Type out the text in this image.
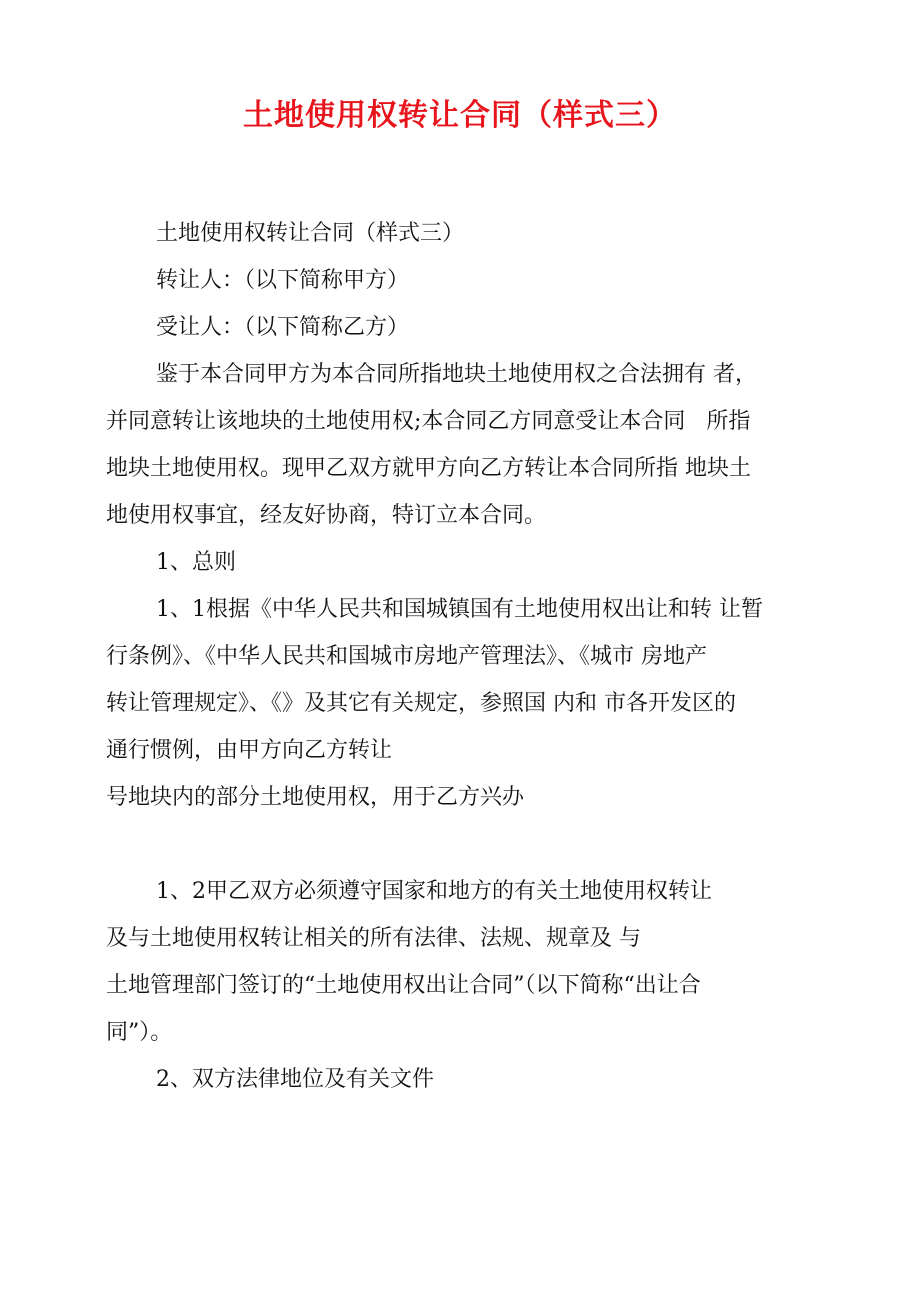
土地使用权转让合同（样式三）

土地使用权转让合同（样式三）

转让人：（以下简称甲方）

受让人：（以下简称乙方）

鉴于本合同甲方为本合同所指地块土地使用权之合法拥有 者，

并同意转让该地块的土地使用权;本合同乙方同意受让本合同   所指

地块土地使用权。现甲乙双方就甲方向乙方转让本合同所指 地块土

地使用权事宜，经友好协商，特订立本合同。

1、总则

1、1根据《中华人民共和国城镇国有土地使用权出让和转 让暂

行条例》、《中华人民共和国城市房地产管理法》、《城市 房地产

转让管理规定》、《》及其它有关规定，参照国 内和 市各开发区的

通行惯例，由甲方向乙方转让

号地块内的部分土地使用权，用于乙方兴办

1、2甲乙双方必须遵守国家和地方的有关土地使用权转让

及与土地使用权转让相关的所有法律、法规、规章及 与

土地管理部门签订的“土地使用权出让合同”（以下简称“出让合

同”）。

2、双方法律地位及有关文件
